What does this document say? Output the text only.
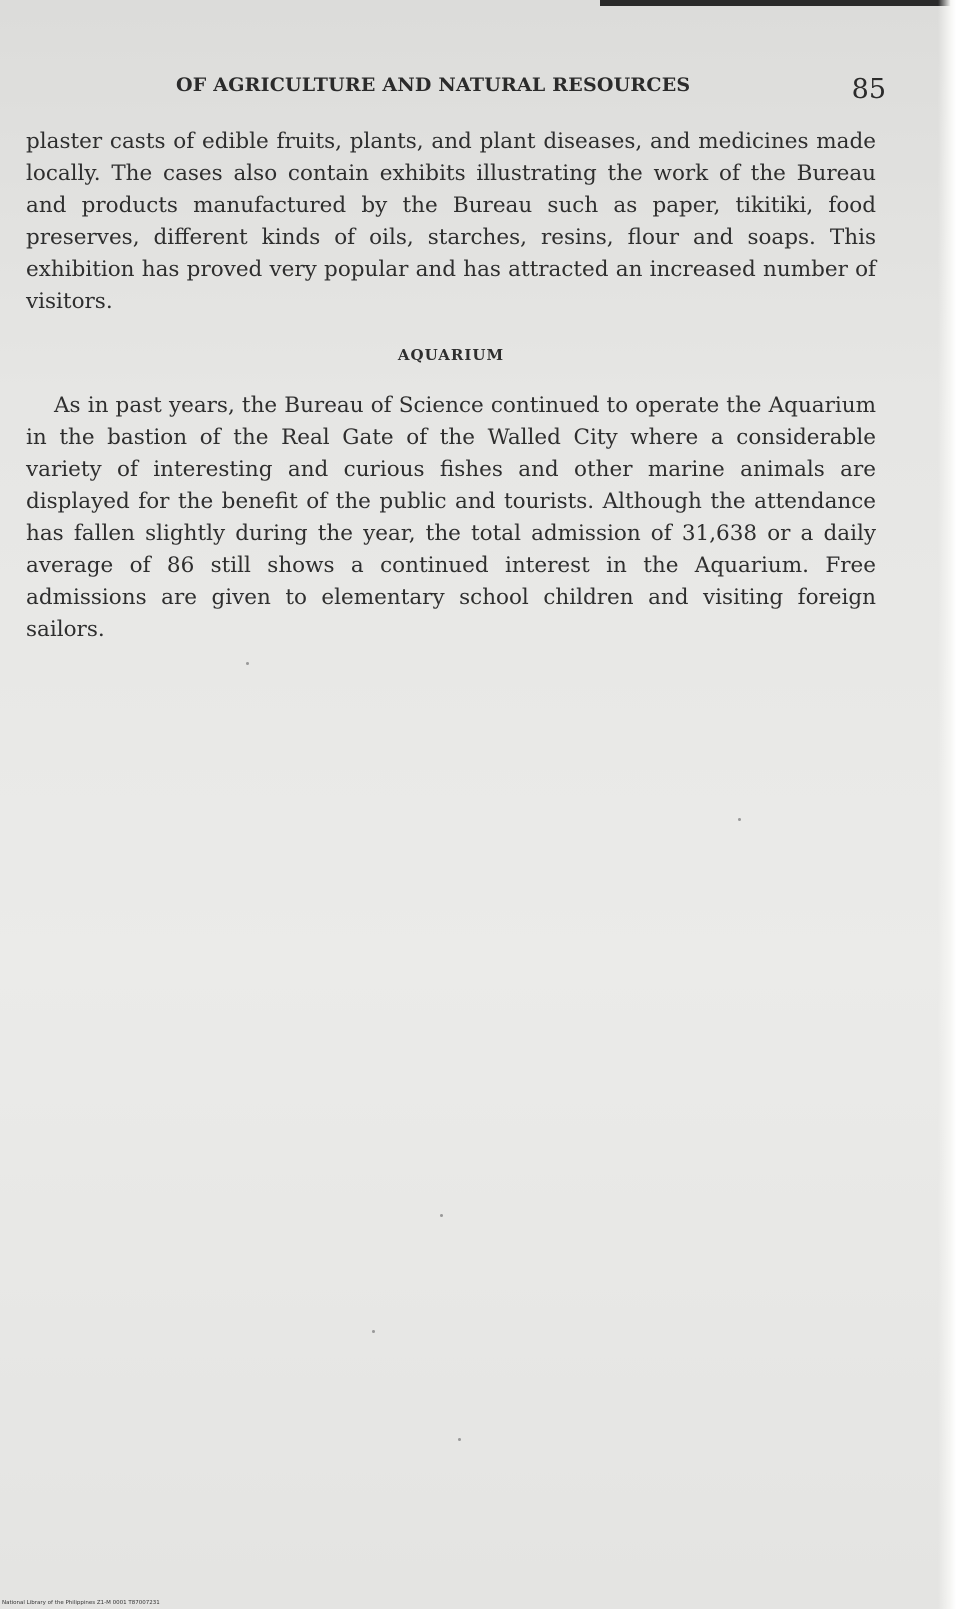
OF AGRICULTURE AND NATURAL RESOURCES	85
plaster casts of edible fruits, plants, and plant diseases, and medicines made locally. The cases also contain exhibits illustrating the work of the Bureau and products manufactured by the Bureau such as paper, tikitiki, food preserves, different kinds of oils, starches, resins, flour and soaps. This exhibition has proved very popular and has attracted an increased number of visitors.
AQUARIUM
As in past years, the Bureau of Science continued to operate the Aquarium in the bastion of the Real Gate of the Walled City where a considerable variety of interesting and curious fishes and other marine animals are displayed for the benefit of the public and tourists. Although the attendance has fallen slightly during the year, the total admission of 31,638 or a daily average of 86 still shows a continued interest in the Aquarium. Free admissions are given to elementary school children and visiting foreign sailors.
National Library of the Philippines Z1-M 0001 T87007231
